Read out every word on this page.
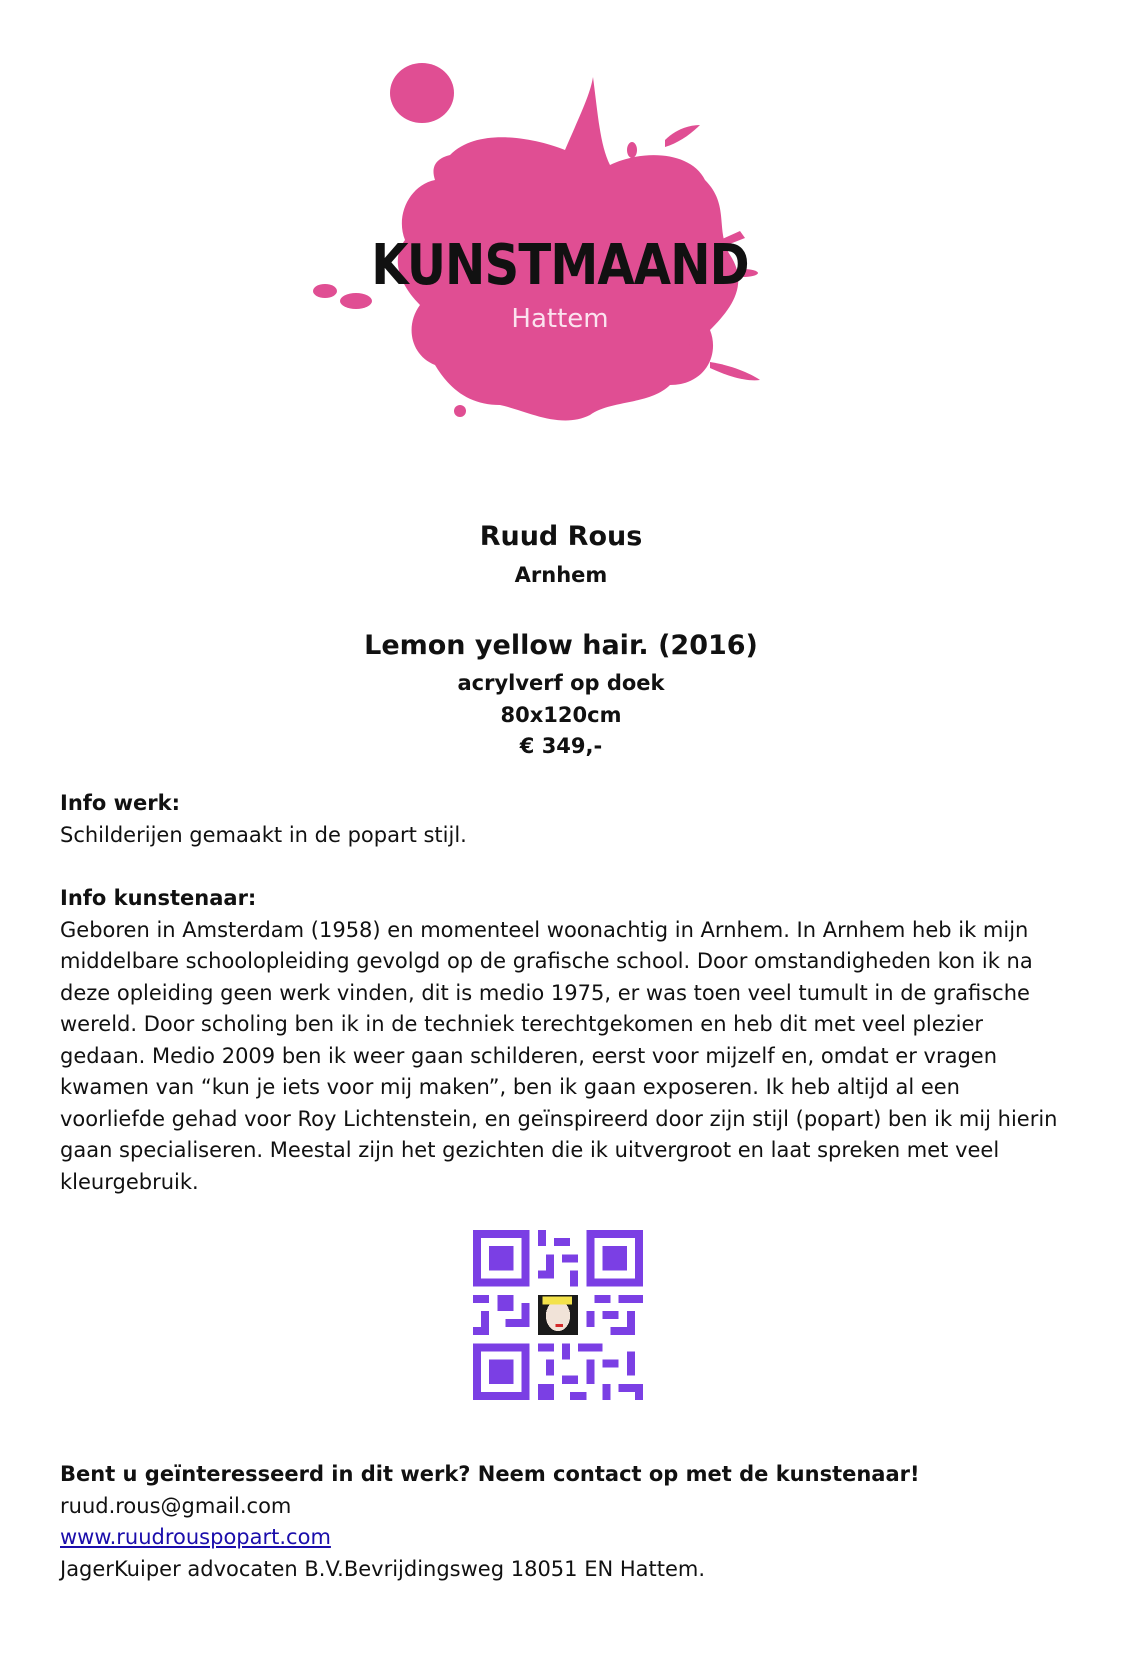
KUNSTMAAND
Hattem
Ruud Rous
Arnhem
Lemon yellow hair. (2016)
acrylverf op doek
80x120cm
€ 349,-
Info werk:
Schilderijen gemaakt in de popart stijl.
Info kunstenaar:
Geboren in Amsterdam (1958) en momenteel woonachtig in Arnhem. In Arnhem heb ik mijn middelbare schoolopleiding gevolgd op de grafische school. Door omstandigheden kon ik na deze opleiding geen werk vinden, dit is medio 1975, er was toen veel tumult in de grafische wereld. Door scholing ben ik in de techniek terechtgekomen en heb dit met veel plezier gedaan. Medio 2009 ben ik weer gaan schilderen, eerst voor mijzelf en, omdat er vragen kwamen van “kun je iets voor mij maken”, ben ik gaan exposeren. Ik heb altijd al een voorliefde gehad voor Roy Lichtenstein, en geïnspireerd door zijn stijl (popart) ben ik mij hierin gaan specialiseren. Meestal zijn het gezichten die ik uitvergroot en laat spreken met veel kleurgebruik.
Bent u geïnteresseerd in dit werk? Neem contact op met de kunstenaar!
ruud.rous@gmail.com
www.ruudrouspopart.com
JagerKuiper advocaten B.V.Bevrijdingsweg 18051 EN Hattem.
